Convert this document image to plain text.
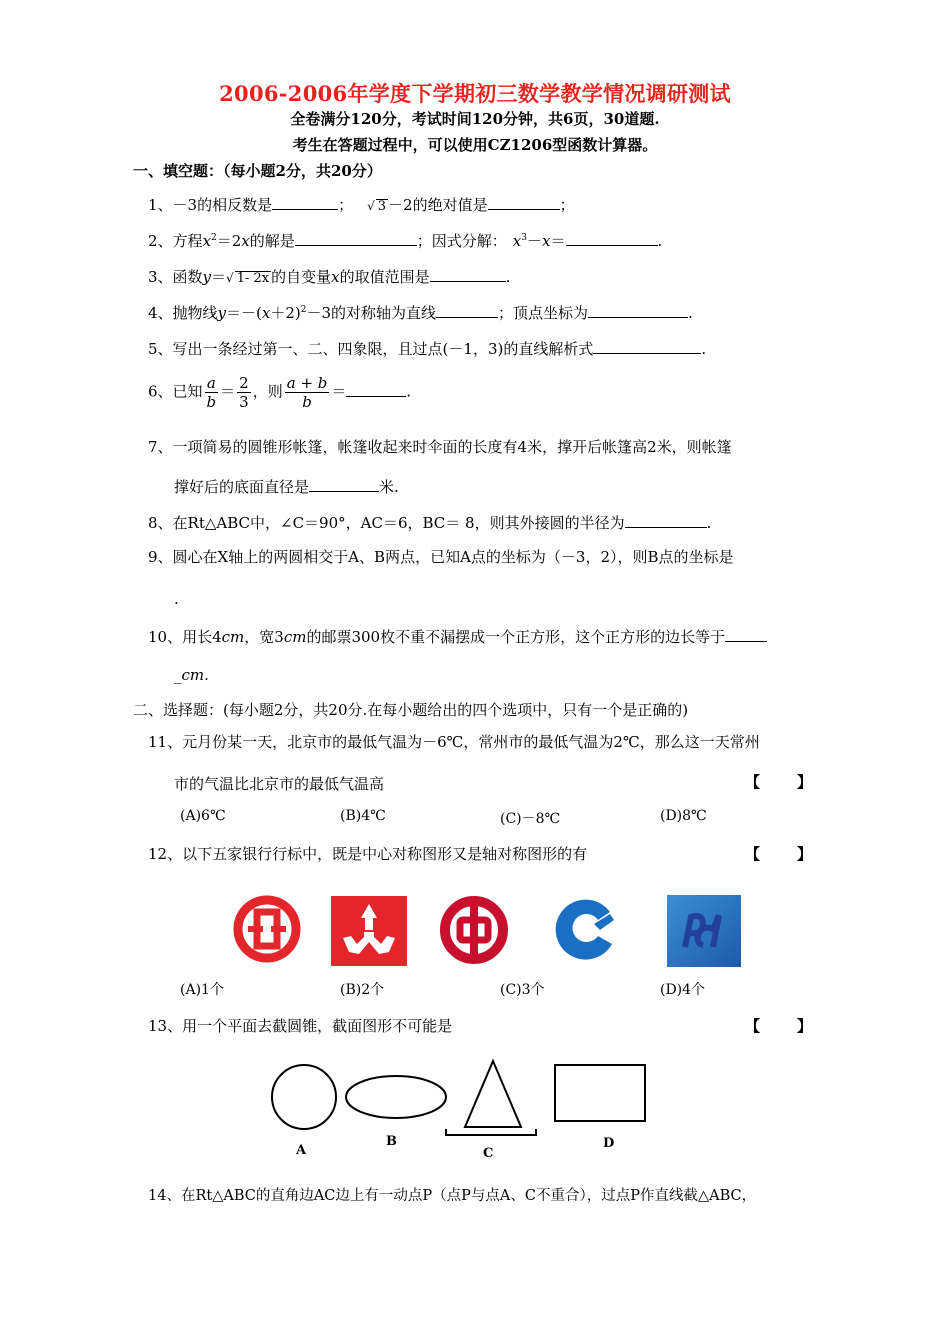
2006-2006年学度下学期初三数学教学情况调研测试
全卷满分120分，考试时间120分钟，共6页，30道题.
考生在答题过程中，可以使用CZ1206型函数计算器。
一、填空题：（每小题2分，共20分）
1、－3的相反数是	； √ 3 －2的绝对值是	；
2、方程$x^2=2x$的解是	；因式分解： $x^3-x=$	.
3、函数y＝√ 1- 2x 的自变量x的取值范围是	.
4、抛物线$y=-(x+2)^2-3$的对称轴为直线	；顶点坐标为	.
5、写出一条经过第一、二、四象限，且过点(－1，3)的直线解析式	.
6、已知 $\frac{a}{b} = \frac{2}{3}$ ，则 $\frac{a + b}{b}$ ＝	.
7、一项简易的圆锥形帐篷，帐篷收起来时伞面的长度有4米，撑开后帐篷高2米，则帐篷
撑好后的底面直径是	米.
8、在Rt△ABC中，∠C＝90°，AC＝6，BC＝ 8，则其外接圆的半径为	.
9、圆心在X轴上的两圆相交于A、B两点，已知A点的坐标为（－3，2），则B点的坐标是
.
10、用长4cm，宽3cm的邮票300枚不重不漏摆成一个正方形，这个正方形的边长等于
_cm.
二、选择题：(每小题2分，共20分.在每小题给出的四个选项中，只有一个是正确的)
11、元月份某一天，北京市的最低气温为－6℃，常州市的最低气温为2℃，那么这一天常州
市的气温比北京市的最低气温高	【 】
(A)6℃	(B)4℃	(C)－8℃	(D)8℃
12、以下五家银行行标中，既是中心对称图形又是轴对称图形的有	【 】
(A)1个	(B)2个	(C)3个	(D)4个
13、用一个平面去截圆锥，截面图形不可能是	【 】
A
B
C
D
14、在Rt△ABC的直角边AC边上有一动点P（点P与点A、C不重合），过点P作直线截△ABC，
